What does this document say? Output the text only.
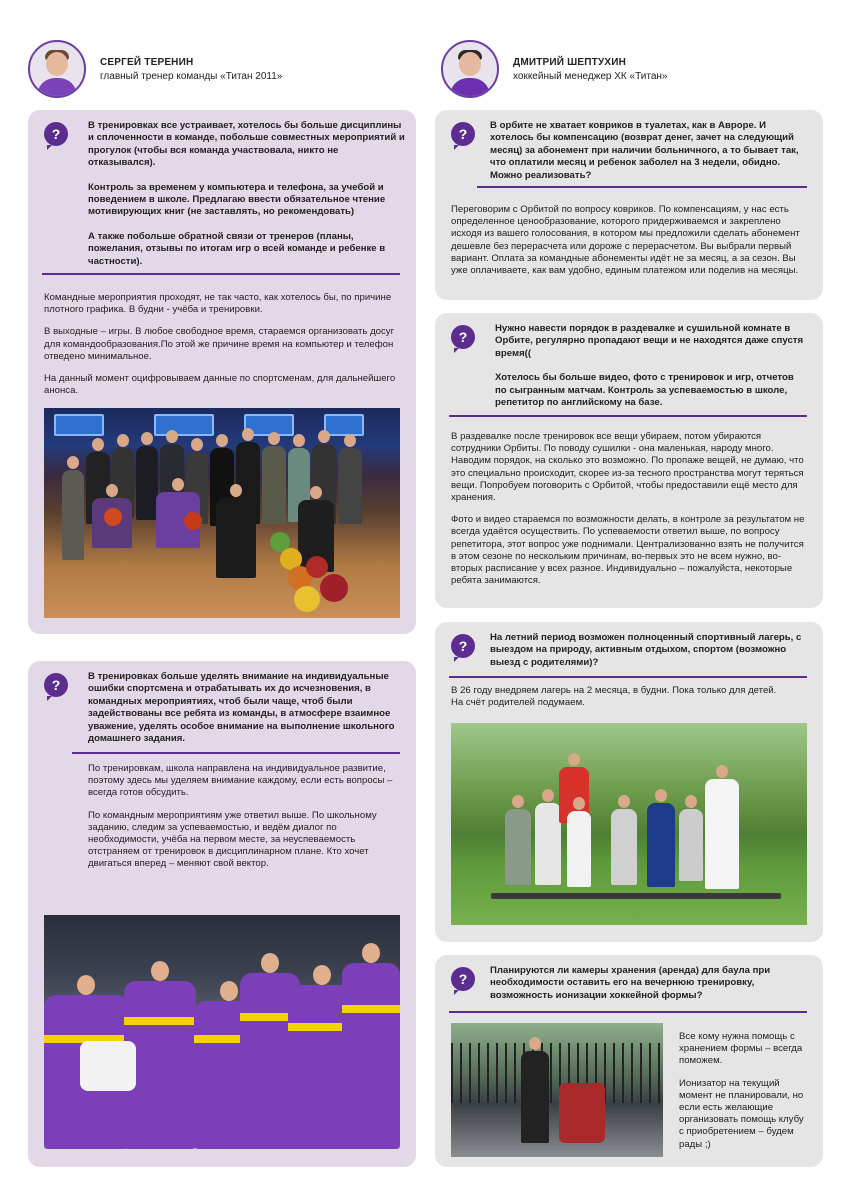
СЕРГЕЙ ТЕРЕНИН
главный тренер команды «Титан 2011»
ДМИТРИЙ ШЕПТУХИН
хоккейный менеджер ХК «Титан»
?

В тренировках все устраивает, хотелось бы больше дисциплины и сплоченности в команде, побольше совместных мероприятий и прогулок (чтобы вся команда участвовала, никто не отказывался).

Контроль за временем у компьютера и телефона, за учебой и поведением в школе. Предлагаю ввести обязательное чтение мотивирующих книг (не заставлять, но рекомендовать)

А также побольше обратной связи от тренеров (планы, пожелания, отзывы по итогам игр о всей команде и ребенке в частности).

Командные мероприятия проходят, не так часто, как хотелось бы, по причине плотного графика. В будни - учёба и тренировки.

В выходные – игры. В любое свободное время, стараемся организовать досуг для командообразования.По этой же причине время на компьютер и телефон отведено минимальное.

На данный момент оцифровываем данные по спортсменам, для дальнейшего анонса.

?

В тренировках больше уделять внимание на индивидуальные ошибки спортсмена и отрабатывать их до исчезновения, в командных мероприятиях, чтоб были чаще, чтоб были задействованы все ребята из команды, в атмосфере взаимное уважение, уделять особое внимание на выполнение школьного домашнего задания.

По тренировкам, школа направлена на индивидуальное развитие, поэтому здесь мы уделяем внимание каждому, если есть вопросы – всегда готов обсудить.

По командным мероприятиям уже ответил выше. По школьному заданию, следим за успеваемостью, и ведём диалог по необходимости, учёба на первом месте, за неуспеваемость отстраняем от тренировок в дисциплинарном плане. Кто хочет двигаться вперед – меняют свой вектор.

?

В орбите не хватает ковриков в туалетах, как в Авроре. И хотелось бы компенсацию (возврат денег, зачет на следующий месяц) за абонемент при наличии больничного, а то бывает так, что оплатили месяц и ребенок заболел на 3 недели, обидно. Можно реализовать?

Переговорим с Орбитой по вопросу ковриков. По компенсациям, у нас есть определенное ценообразование, которого придерживаемся и закреплено исходя из вашего голосования, в котором мы предложили сделать абонемент дешевле без перерасчета или дороже с перерасчетом. Вы выбрали первый вариант. Оплата за командные абонементы идёт не за месяц, а за сезон. Вы уже оплачиваете, как вам удобно, единым платежом или поделив на месяцы.

?

Нужно навести порядок в раздевалке и сушильной комнате в Орбите, регулярно пропадают вещи и не находятся даже спустя время((

Хотелось бы больше видео, фото с тренировок и игр, отчетов по сыгранным матчам. Контроль за успеваемостью в школе, репетитор по английскому на базе.

В раздевалке после тренировок все вещи убираем, потом убираются сотрудники Орбиты. По поводу сушилки - она маленькая, народу много. Наводим порядок, на сколько это возможно. По пропаже вещей, не думаю, что это специально происходит, скорее из-за тесного пространства могут теряться вещи. Попробуем поговорить с Орбитой, чтобы предоставили ещё место для хранения.

Фото и видео стараемся по возможности делать, в контроле за результатом не всегда удаётся осуществить. По успеваемости ответил выше, по вопросу репетитора, этот вопрос уже поднимали. Централизованно взять не получится в этом сезоне по нескольким причинам, во-первых это не всем нужно, во-вторых расписание у всех разное. Индивидуально – пожалуйста, некоторые ребята занимаются.

?

На летний период возможен полноценный спортивный лагерь, с выездом на природу, активным отдыхом, спортом (возможно выезд с родителями)?

В 26 году внедряем лагерь на 2 месяца, в будни. Пока только для детей. На счёт родителей подумаем.

?

Планируются ли камеры хранения (аренда) для баула при необходимости оставить его на вечернюю тренировку, возможность ионизации хоккейной формы?

Все кому нужна помощь с хранением формы – всегда поможем.

Ионизатор на текущий момент не планировали, но если есть желающие организовать помощь клубу с приобретением – будем рады ;)
